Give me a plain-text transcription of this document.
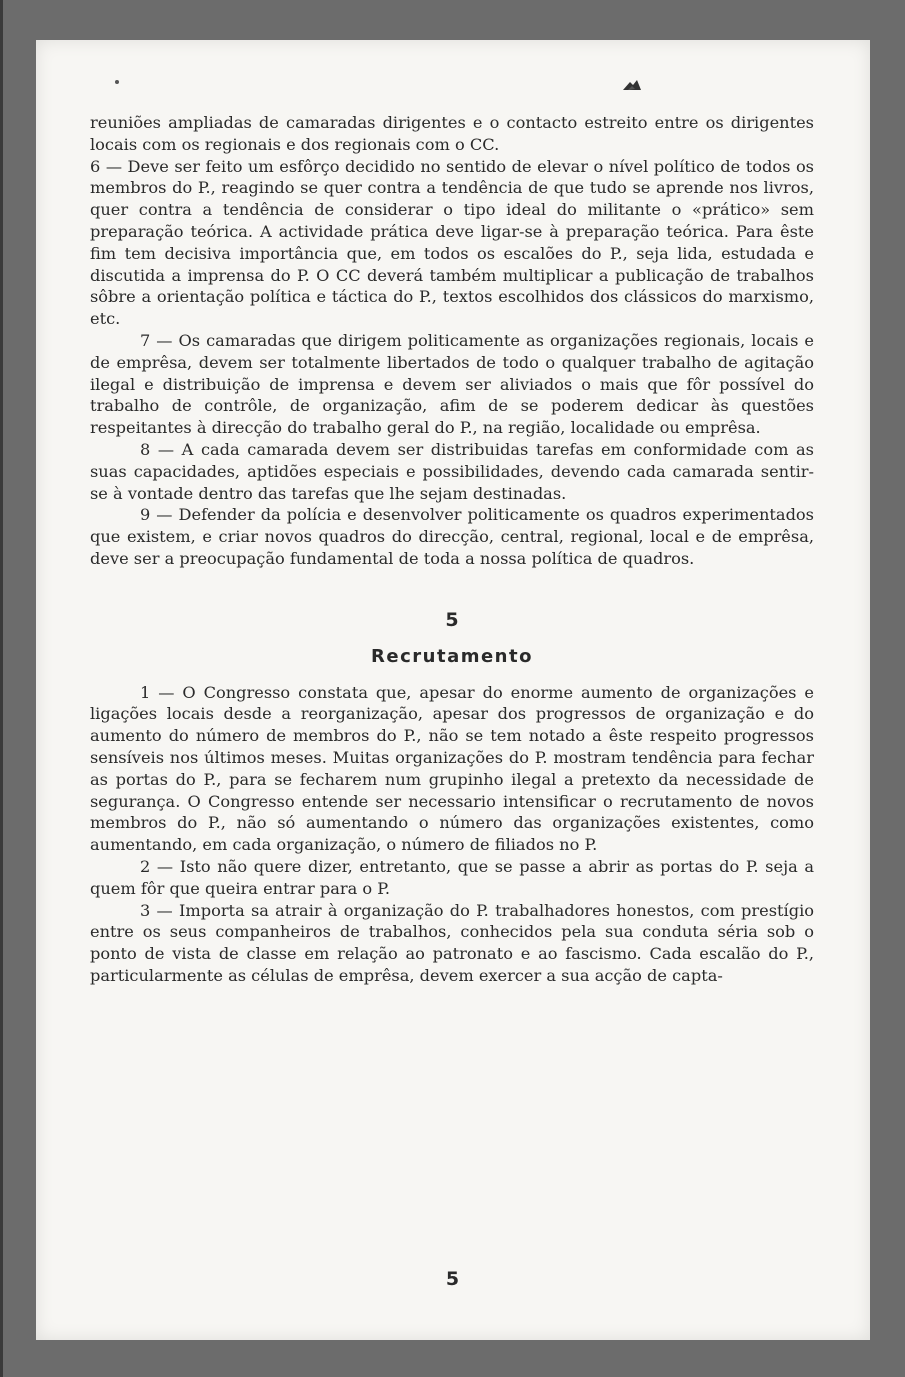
reuniões ampliadas de camaradas dirigentes e o contacto estreito entre os dirigentes locais com os regionais e dos regionais com o CC.

6 — Deve ser feito um esfôrço decidido no sentido de elevar o nível político de todos os membros do P., reagindo se quer contra a tendência de que tudo se aprende nos livros, quer contra a tendência de considerar o tipo ideal do militante o «prático» sem preparação teórica. A actividade prática deve ligar-se à preparação teórica. Para êste fim tem decisiva importância que, em todos os escalões do P., seja lida, estudada e discutida a imprensa do P. O CC deverá também multiplicar a publicação de trabalhos sôbre a orientação política e táctica do P., textos escolhidos dos clássicos do marxismo, etc.

7 — Os camaradas que dirigem politicamente as organizações regionais, locais e de emprêsa, devem ser totalmente libertados de todo o qualquer trabalho de agitação ilegal e distribuição de imprensa e devem ser aliviados o mais que fôr possível do trabalho de contrôle, de organização, afim de se poderem dedicar às questões respeitantes à direcção do trabalho geral do P., na região, localidade ou emprêsa.

8 — A cada camarada devem ser distribuidas tarefas em conformidade com as suas capacidades, aptidões especiais e possibilidades, devendo cada camarada sentir-se à vontade dentro das tarefas que lhe sejam destinadas.

9 — Defender da polícia e desenvolver politicamente os quadros experimentados que existem, e criar novos quadros do direcção, central, regional, local e de emprêsa, deve ser a preocupação fundamental de toda a nossa política de quadros.

5
Recrutamento

1 — O Congresso constata que, apesar do enorme aumento de organizações e ligações locais desde a reorganização, apesar dos progressos de organização e do aumento do número de membros do P., não se tem notado a êste respeito progressos sensíveis nos últimos meses. Muitas organizações do P. mostram tendência para fechar as portas do P., para se fecharem num grupinho ilegal a pretexto da necessidade de segurança. O Congresso entende ser necessario intensificar o recrutamento de novos membros do P., não só aumentando o número das organizações existentes, como aumentando, em cada organização, o número de filiados no P.

2 — Isto não quere dizer, entretanto, que se passe a abrir as portas do P. seja a quem fôr que queira entrar para o P.

3 — Importa sa atrair à organização do P. trabalhadores honestos, com prestígio entre os seus companheiros de trabalhos, conhecidos pela sua conduta séria sob o ponto de vista de classe em relação ao patronato e ao fascismo. Cada escalão do P., particularmente as células de emprêsa, devem exercer a sua acção de capta-

5
